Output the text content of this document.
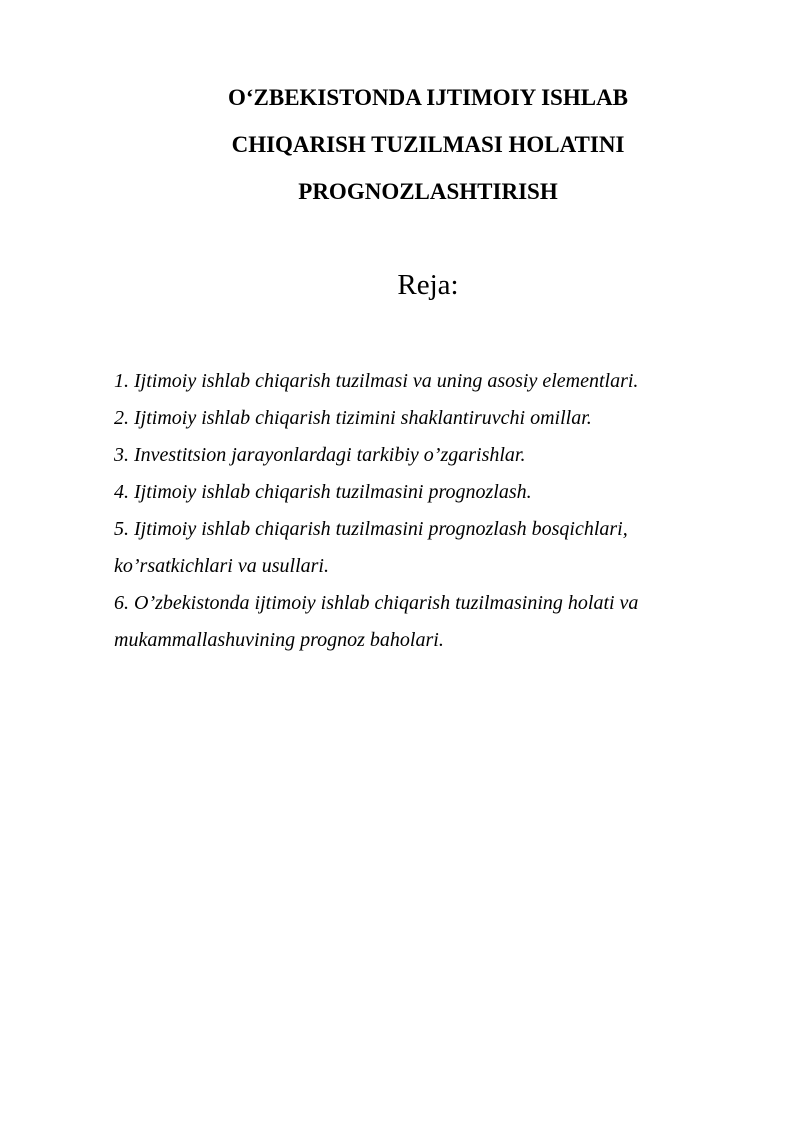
O‘ZBEKISTONDA IJTIMOIY ISHLAB
CHIQARISH TUZILMASI HOLATINI
PROGNOZLASHTIRISH
Reja:
1. Ijtimoiy ishlab chiqarish tuzilmasi va uning asosiy elementlari.
2. Ijtimoiy ishlab chiqarish tizimini shaklantiruvchi omillar.
3. Investitsion jarayonlardagi tarkibiy o’zgarishlar.
4. Ijtimoiy ishlab chiqarish tuzilmasini prognozlash.
5. Ijtimoiy ishlab chiqarish tuzilmasini prognozlash bosqichlari,
ko’rsatkichlari va usullari.
6. O’zbekistonda ijtimoiy ishlab chiqarish tuzilmasining holati va
mukammallashuvining prognoz baholari.
